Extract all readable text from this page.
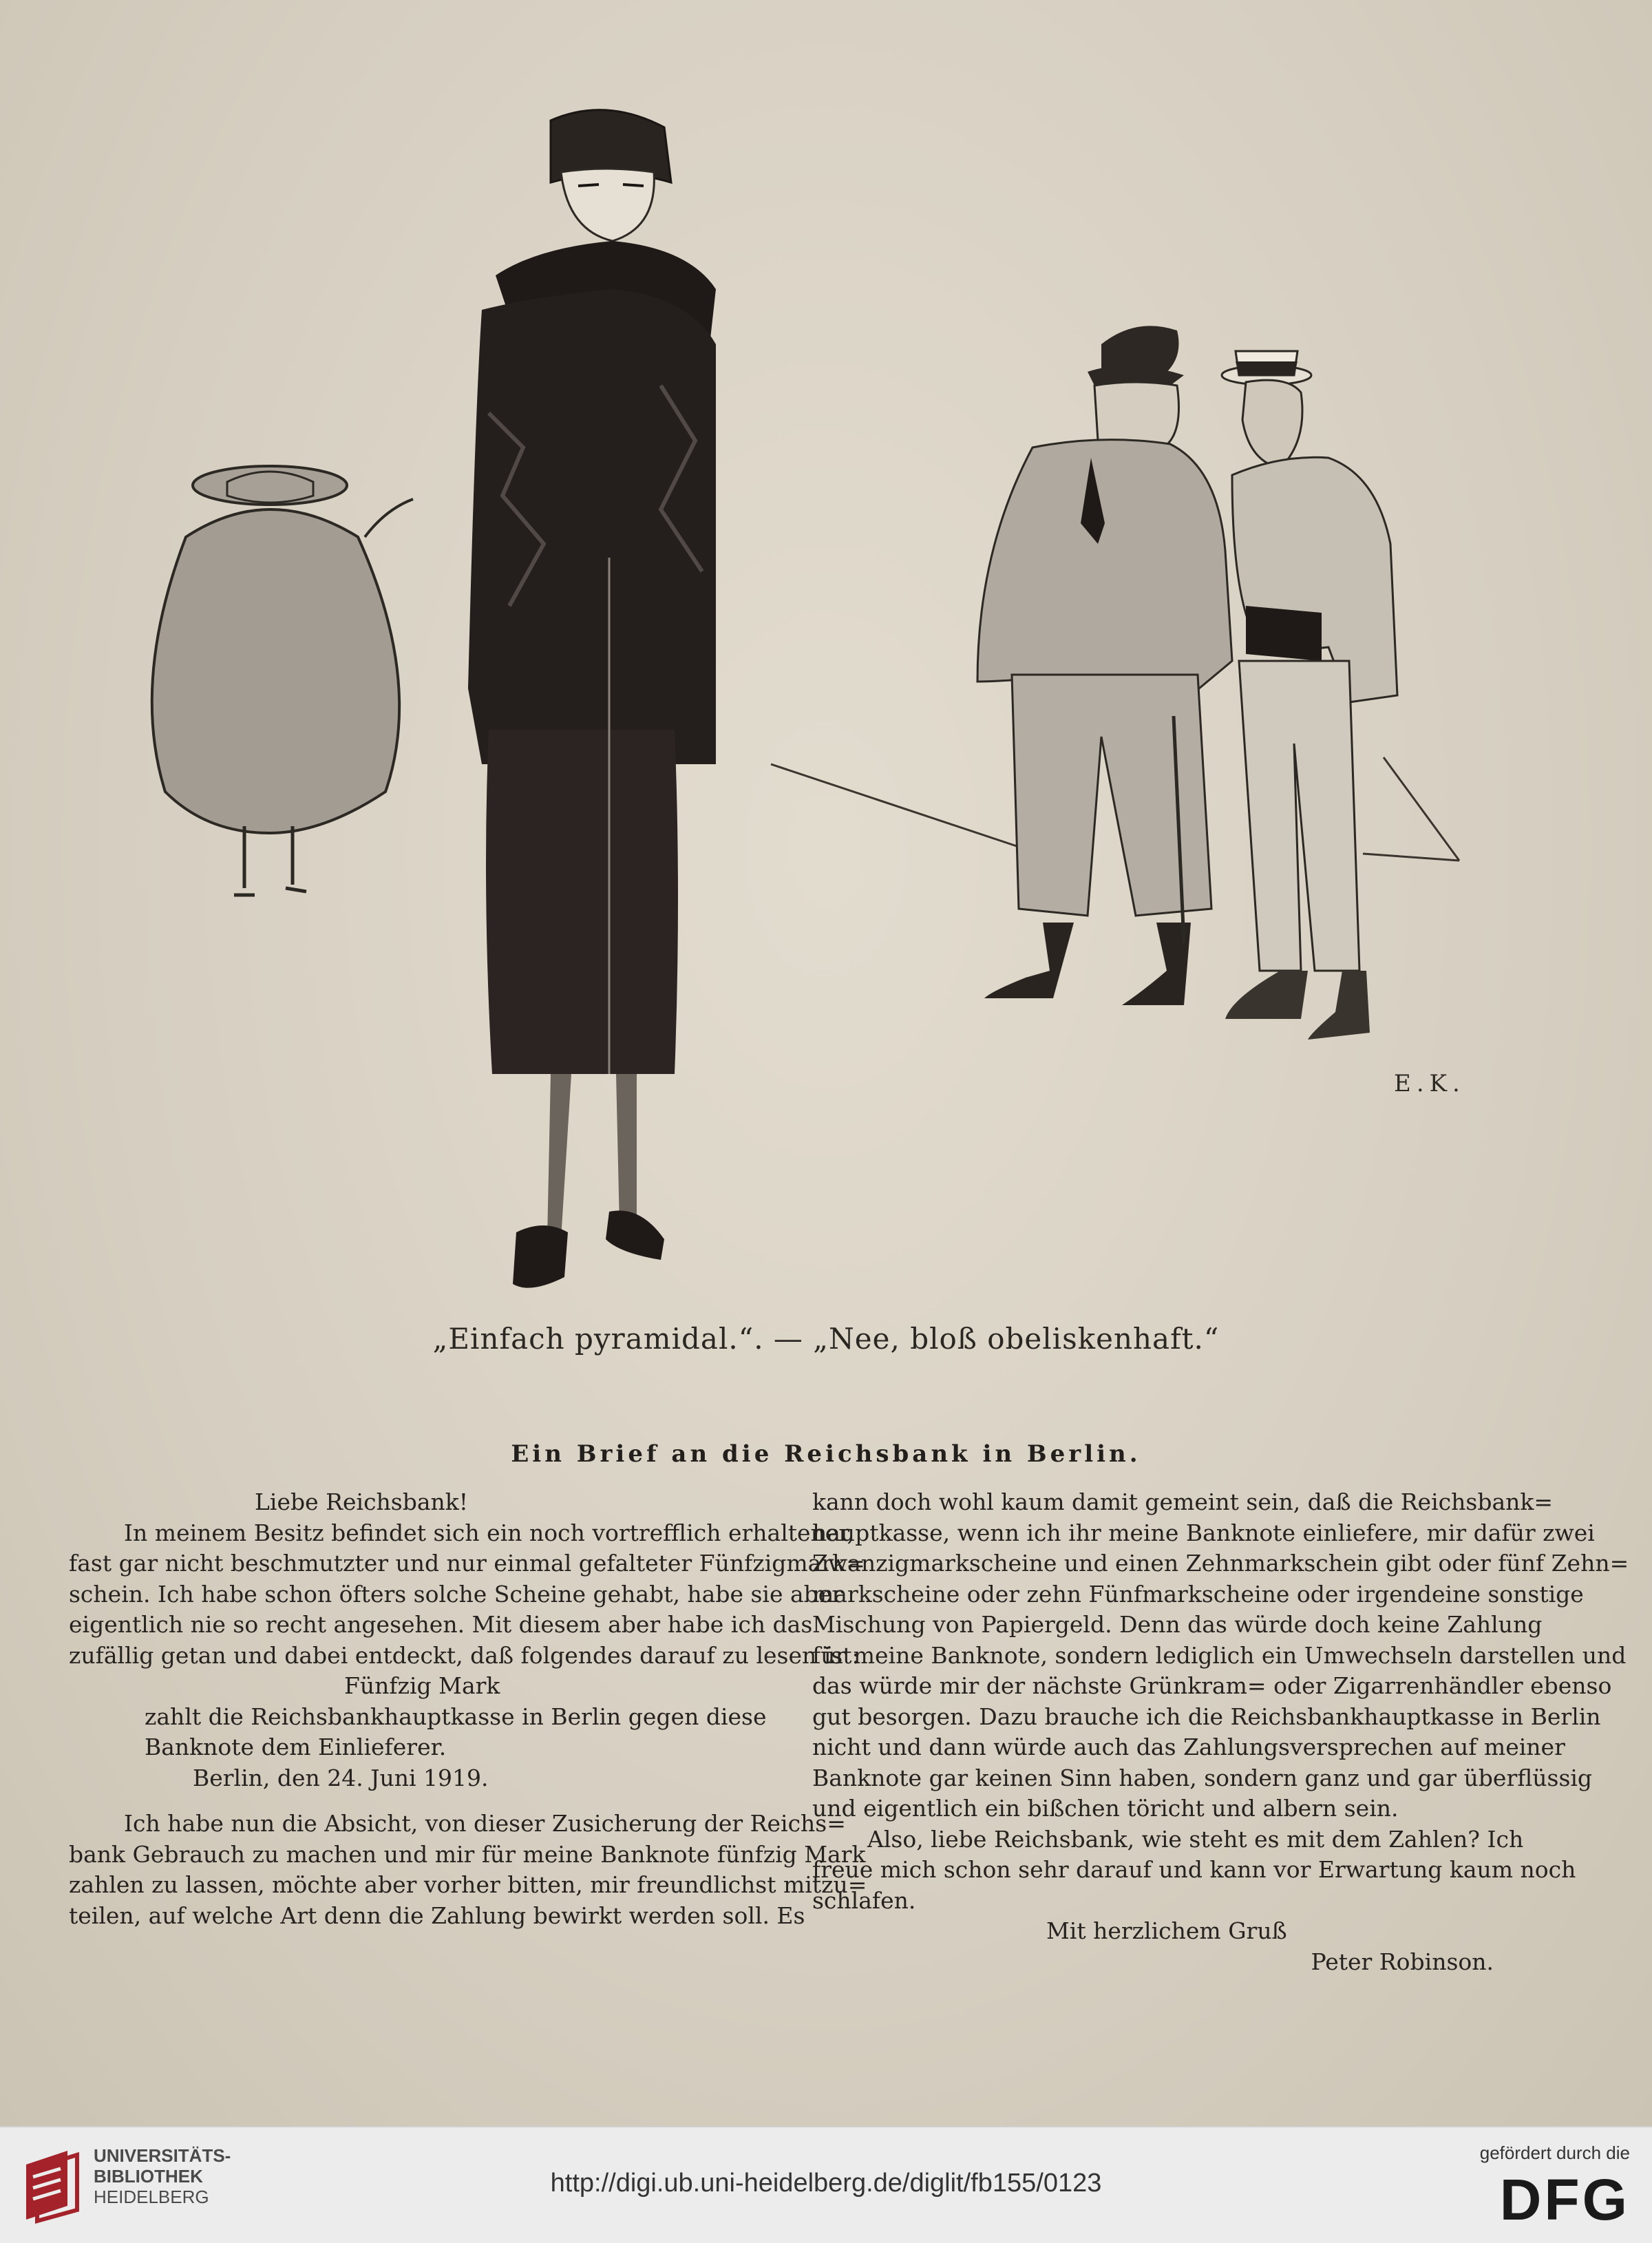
E.K.
„Einfach pyramidal.“. — „Nee, bloß obeliskenhaft.“
Ein Brief an die Reichsbank in Berlin.
Liebe Reichsbank!
In meinem Besitz befindet sich ein noch vortrefflich erhaltener,
fast gar nicht beschmutzter und nur einmal gefalteter Fünfzigmark=
schein. Ich habe schon öfters solche Scheine gehabt, habe sie aber
eigentlich nie so recht angesehen. Mit diesem aber habe ich das
zufällig getan und dabei entdeckt, daß folgendes darauf zu lesen ist:
Fünfzig Mark
zahlt die Reichsbankhauptkasse in Berlin gegen diese
Banknote dem Einlieferer.
Berlin, den 24. Juni 1919.
Ich habe nun die Absicht, von dieser Zusicherung der Reichs=
bank Gebrauch zu machen und mir für meine Banknote fünfzig Mark
zahlen zu lassen, möchte aber vorher bitten, mir freundlichst mitzu=
teilen, auf welche Art denn die Zahlung bewirkt werden soll. Es
kann doch wohl kaum damit gemeint sein, daß die Reichsbank=
hauptkasse, wenn ich ihr meine Banknote einliefere, mir dafür zwei
Zwanzigmarkscheine und einen Zehnmarkschein gibt oder fünf Zehn=
markscheine oder zehn Fünfmarkscheine oder irgendeine sonstige
Mischung von Papiergeld. Denn das würde doch keine Zahlung
für meine Banknote, sondern lediglich ein Umwechseln darstellen und
das würde mir der nächste Grünkram= oder Zigarrenhändler ebenso
gut besorgen. Dazu brauche ich die Reichsbankhauptkasse in Berlin
nicht und dann würde auch das Zahlungsversprechen auf meiner
Banknote gar keinen Sinn haben, sondern ganz und gar überflüssig
und eigentlich ein bißchen töricht und albern sein.
Also, liebe Reichsbank, wie steht es mit dem Zahlen? Ich
freue mich schon sehr darauf und kann vor Erwartung kaum noch
schlafen.
Mit herzlichem Gruß
Peter Robinson.
UNIVERSITÄTS-
BIBLIOTHEK
HEIDELBERG	http://digi.ub.uni-heidelberg.de/diglit/fb155/0123
gefördert durch die
DFG
